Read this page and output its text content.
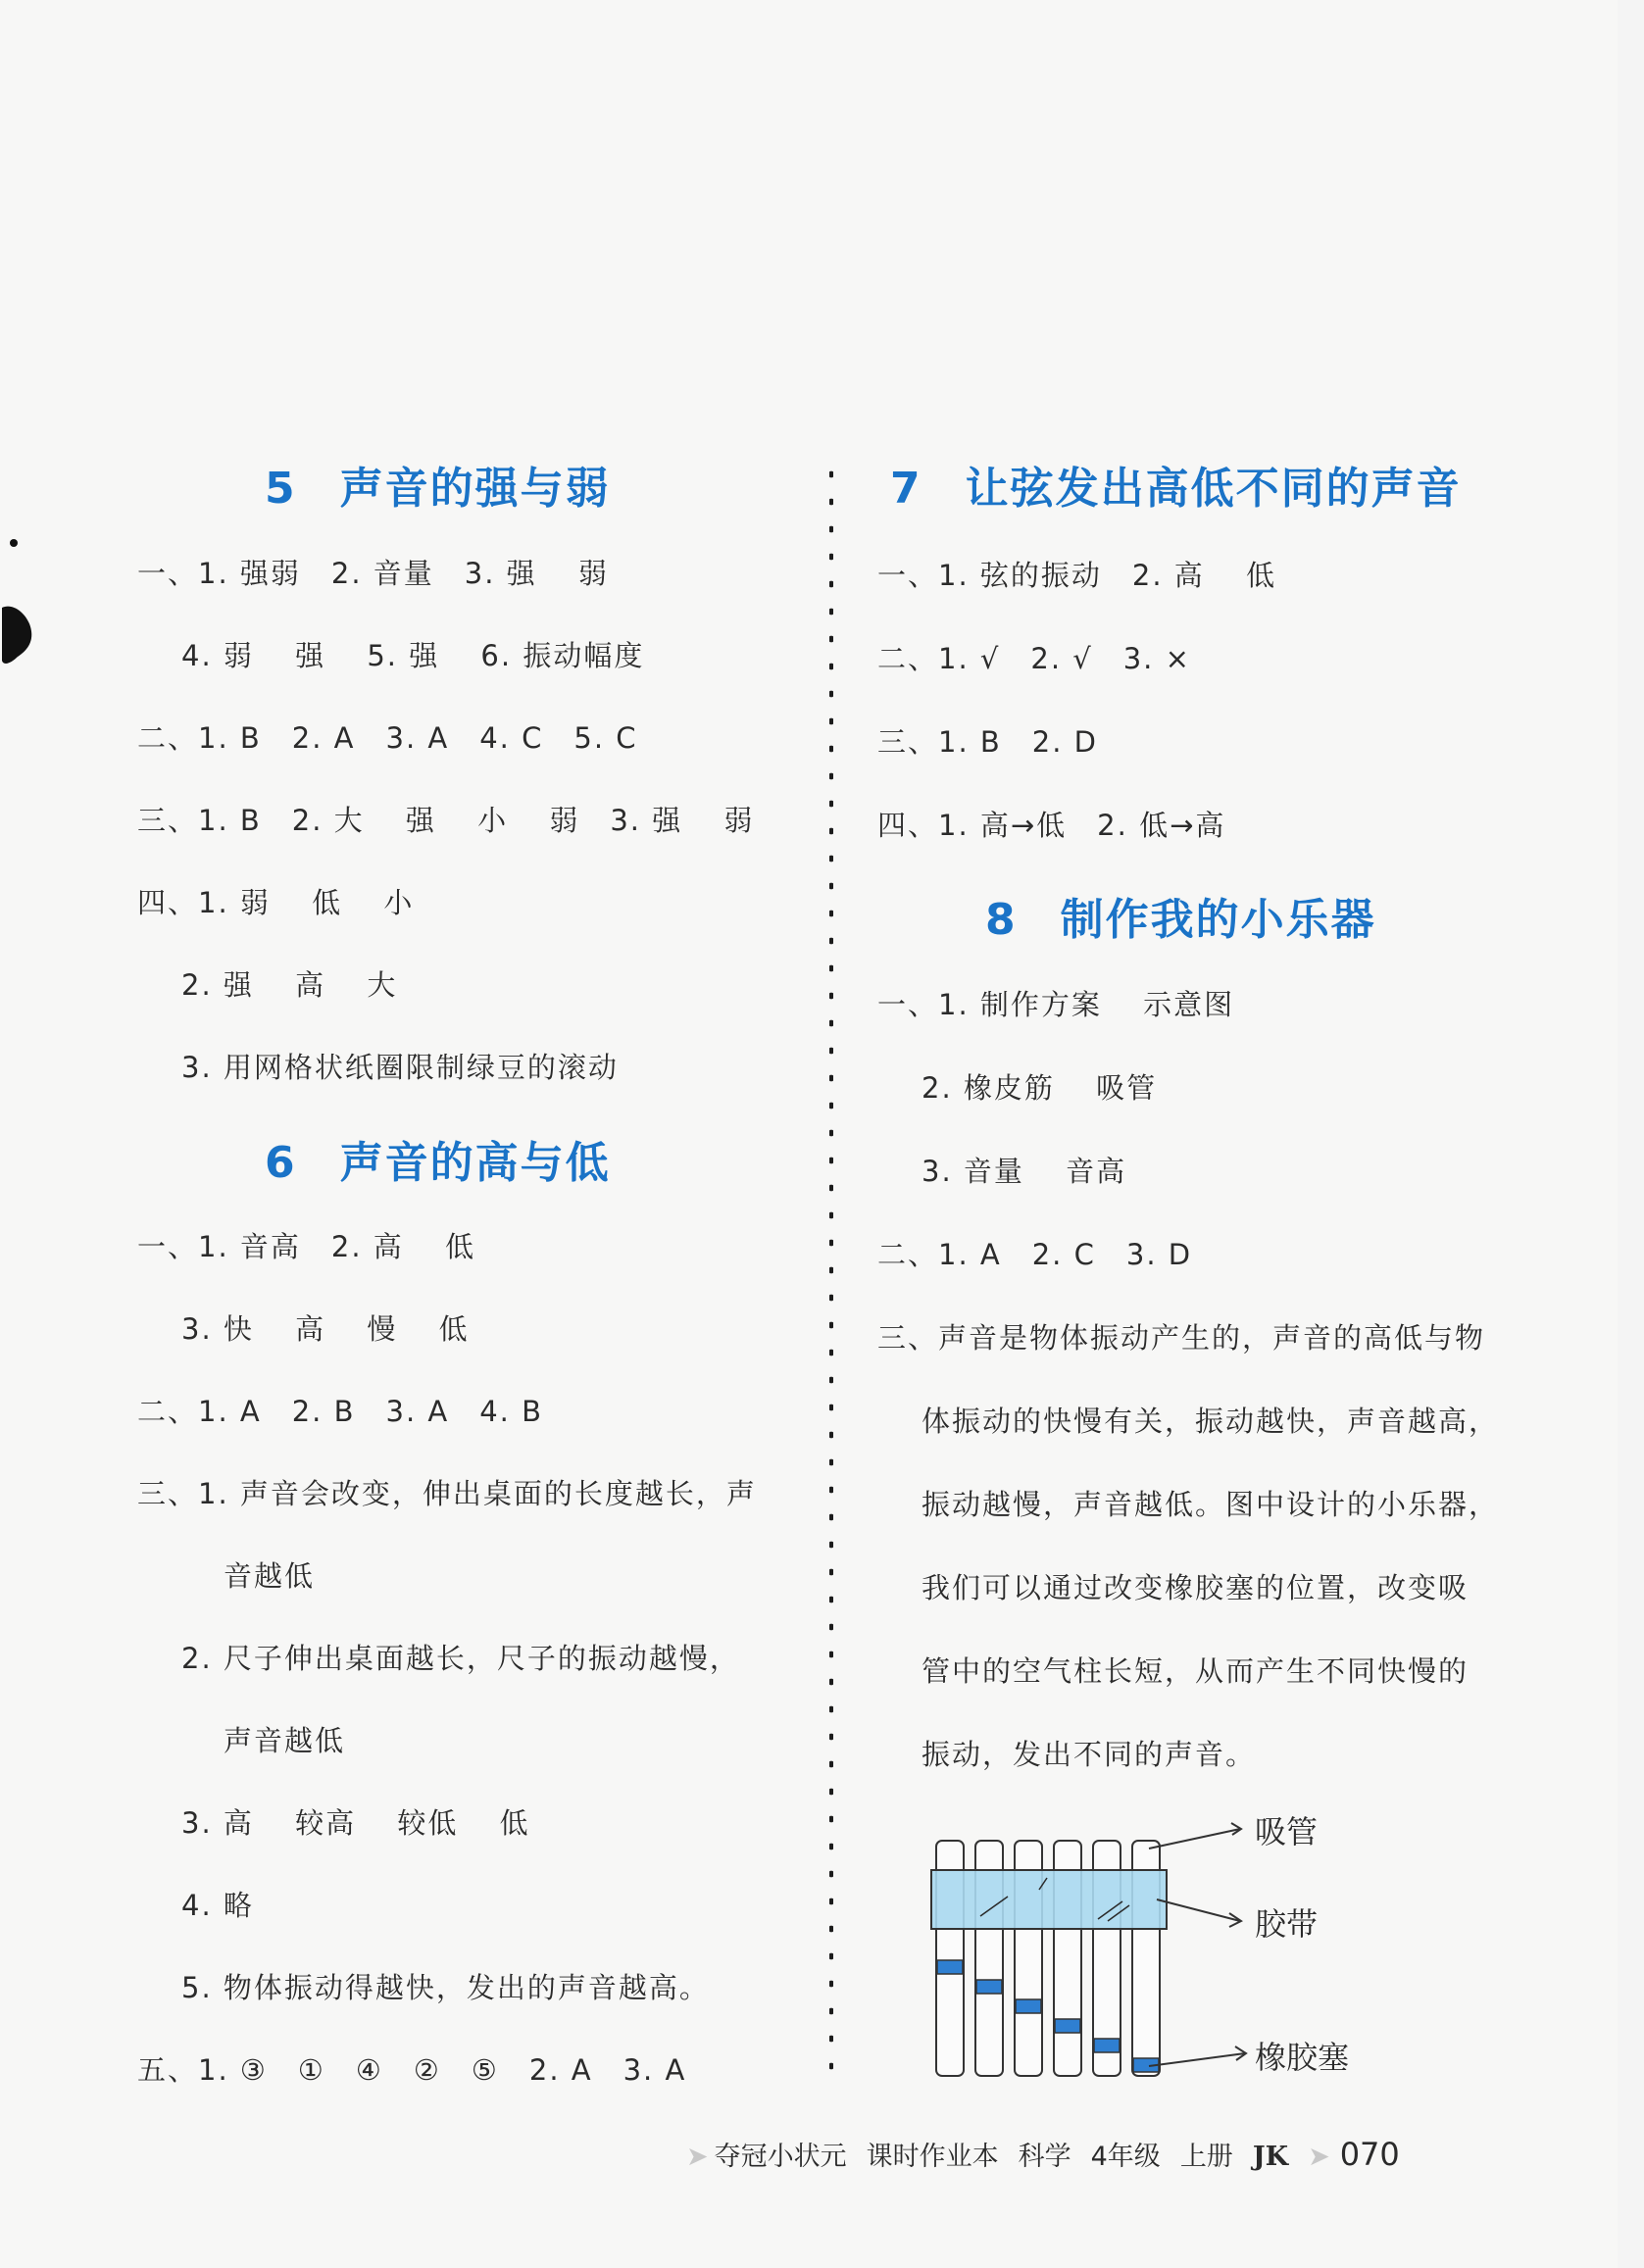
5 声音的强与弱
一、1. 强弱　2. 音量　3. 强　 弱
4. 弱　 强　 5. 强　 6. 振动幅度
二、1. B　2. A　3. A　4. C　5. C
三、1. B　2. 大　 强　 小　 弱　3. 强　 弱
四、1. 弱　 低　 小
2. 强　 高　 大
3. 用网格状纸圈限制绿豆的滚动
6 声音的高与低
一、1. 音高　2. 高　 低
3. 快　 高　 慢　 低
二、1. A　2. B　3. A　4. B
三、1. 声音会改变，伸出桌面的长度越长，声
音越低
2. 尺子伸出桌面越长，尺子的振动越慢，
声音越低
3. 高　 较高　 较低　 低
4. 略
5. 物体振动得越快，发出的声音越高。
五、1. ③　①　④　②　⑤　2. A　3. A
7 让弦发出高低不同的声音
一、1. 弦的振动　2. 高　 低
二、1. √　2. √　3. ×
三、1. B　2. D
四、1. 高→低　2. 低→高
8 制作我的小乐器
一、1. 制作方案　 示意图
2. 橡皮筋　 吸管
3. 音量　 音高
二、1. A　2. C　3. D
三、声音是物体振动产生的，声音的高低与物
体振动的快慢有关，振动越快，声音越高，
振动越慢，声音越低。图中设计的小乐器，
我们可以通过改变橡胶塞的位置，改变吸
管中的空气柱长短，从而产生不同快慢的
振动，发出不同的声音。
吸管
胶带
橡胶塞
➤ 夺冠小状元 课时作业本 科学 4年级 上册 JK ➤ 070
